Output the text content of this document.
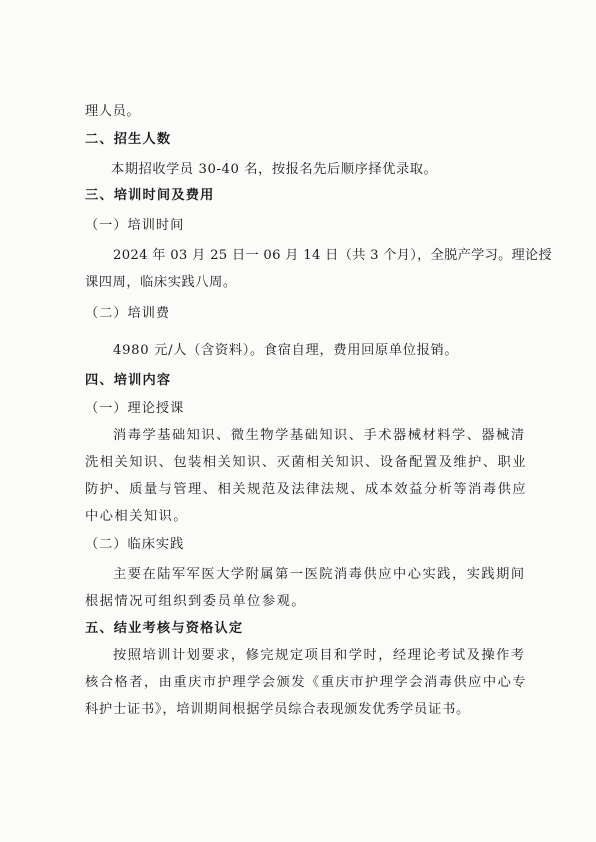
理人员。
二、招生人数
本期招收学员 30-40 名，按报名先后顺序择优录取。
三、培训时间及费用
（一）培训时间
2024 年 03 月 25 日一 06 月 14 日（共 3 个月），全脱产学习。理论授
课四周，临床实践八周。
（二）培训费
4980 元/人（含资料）。食宿自理，费用回原单位报销。
四、培训内容
（一）理论授课
消毒学基础知识、微生物学基础知识、手术器械材料学、器械清
洗相关知识、包装相关知识、灭菌相关知识、设备配置及维护、职业
防护、质量与管理、相关规范及法律法规、成本效益分析等消毒供应
中心相关知识。
（二）临床实践
主要在陆军军医大学附属第一医院消毒供应中心实践，实践期间
根据情况可组织到委员单位参观。
五、结业考核与资格认定
按照培训计划要求，修完规定项目和学时，经理论考试及操作考
核合格者，由重庆市护理学会颁发《重庆市护理学会消毒供应中心专
科护士证书》，培训期间根据学员综合表现颁发优秀学员证书。
